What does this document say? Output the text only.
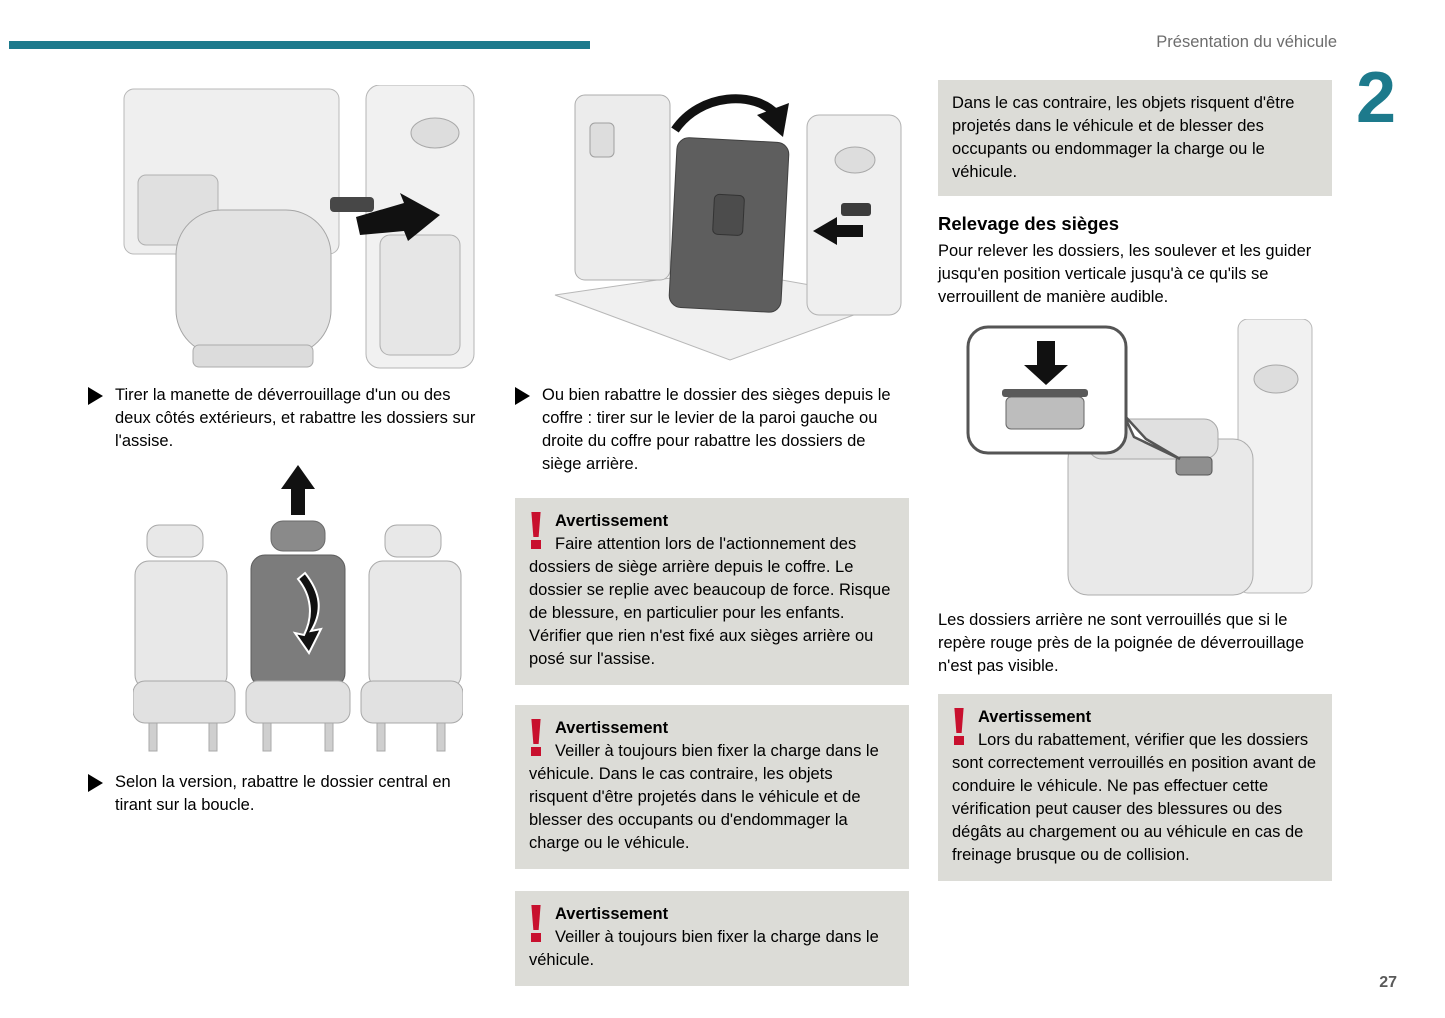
Présentation du véhicule
2
27

Tirer la manette de déverrouillage d'un ou des deux côtés extérieurs, et rabattre les dossiers sur l'assise.

Selon la version, rabattre le dossier central en tirant sur la boucle.

Ou bien rabattre le dossier des sièges depuis le coffre : tirer sur le levier de la paroi gauche ou droite du coffre pour rabattre les dossiers de siège arrière.

Avertissement

Faire attention lors de l'actionnement des dossiers de siège arrière depuis le coffre. Le dossier se replie avec beaucoup de force. Risque de blessure, en particulier pour les enfants.

Vérifier que rien n'est fixé aux sièges arrière ou posé sur l'assise.

Avertissement

Veiller à toujours bien fixer la charge dans le véhicule. Dans le cas contraire, les objets risquent d'être projetés dans le véhicule et de blesser des occupants ou d'endommager la charge ou le véhicule.

Avertissement

Veiller à toujours bien fixer la charge dans le véhicule.

Dans le cas contraire, les objets risquent d'être projetés dans le véhicule et de blesser des occupants ou endommager la charge ou le véhicule.

Relevage des sièges

Pour relever les dossiers, les soulever et les guider jusqu'en position verticale jusqu'à ce qu'ils se verrouillent de manière audible.

Les dossiers arrière ne sont verrouillés que si le repère rouge près de la poignée de déverrouillage n'est pas visible.

Avertissement

Lors du rabattement, vérifier que les dossiers sont correctement verrouillés en position avant de conduire le véhicule. Ne pas effectuer cette vérification peut causer des blessures ou des dégâts au chargement ou au véhicule en cas de freinage brusque ou de collision.
